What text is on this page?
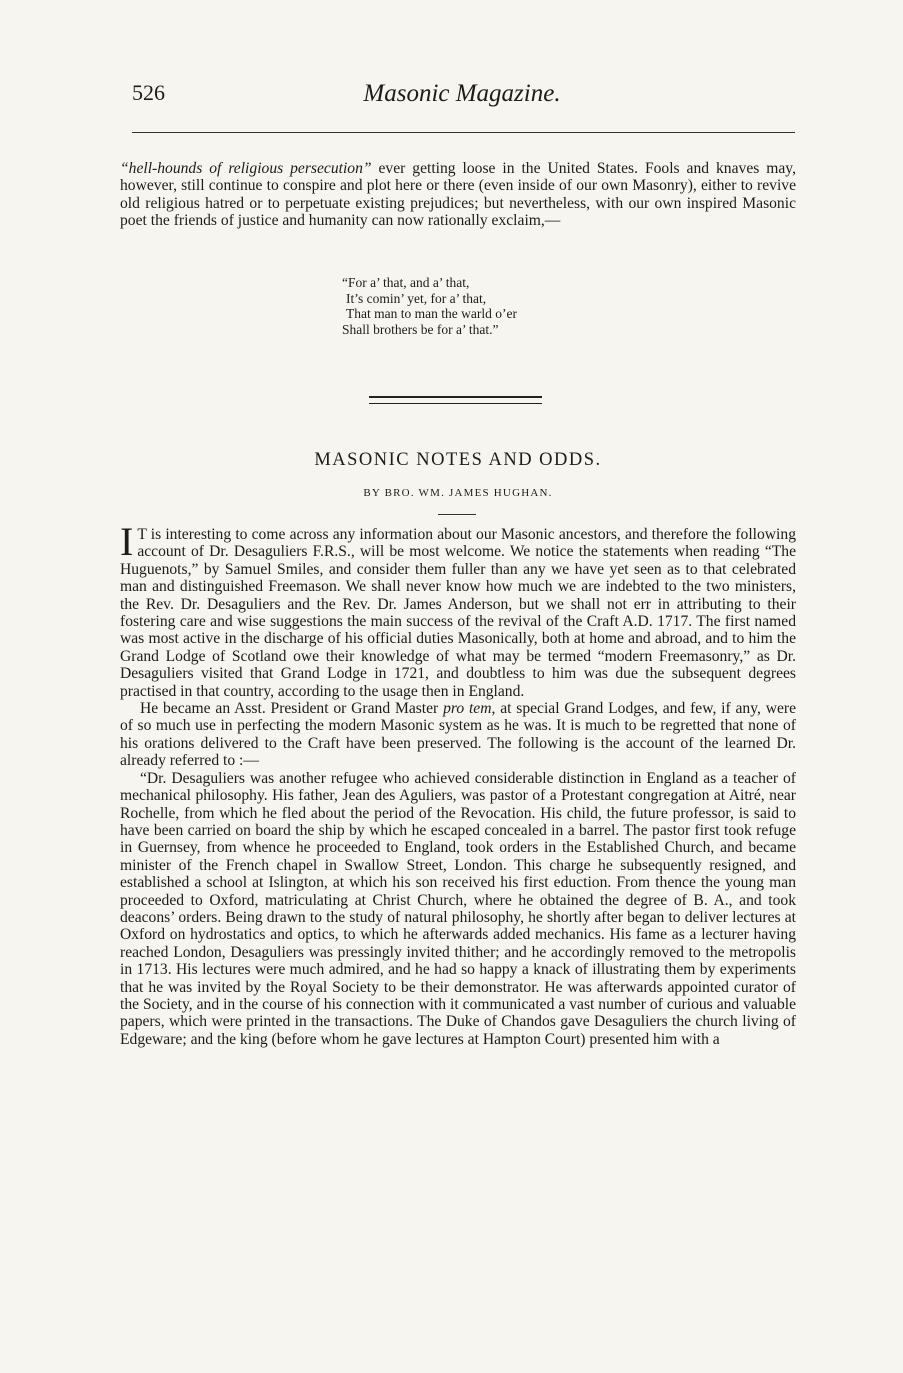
526	Masonic Magazine.

“hell-hounds of religious persecution” ever getting loose in the United States. Fools and knaves may, however, still continue to conspire and plot here or there (even inside of our own Masonry), either to revive old religious hatred or to perpetuate existing prejudices; but nevertheless, with our own inspired Masonic poet the friends of justice and humanity can now rationally exclaim,—

“For a’ that, and a’ that,
It’s comin’ yet, for a’ that,
That man to man the warld o’er
Shall brothers be for a’ that.”
MASONIC NOTES AND ODDS.
BY BRO. WM. JAMES HUGHAN.

I T is interesting to come across any information about our Masonic ancestors, and therefore the following account of Dr. Desaguliers F.R.S., will be most welcome. We notice the statements when reading “The Huguenots,” by Samuel Smiles, and consider them fuller than any we have yet seen as to that celebrated man and distinguished Freemason. We shall never know how much we are indebted to the two ministers, the Rev. Dr. Desaguliers and the Rev. Dr. James Anderson, but we shall not err in attributing to their fostering care and wise suggestions the main success of the revival of the Craft A.D. 1717. The first named was most active in the discharge of his official duties Masonically, both at home and abroad, and to him the Grand Lodge of Scotland owe their knowledge of what may be termed “modern Freemasonry,” as Dr. Desaguliers visited that Grand Lodge in 1721, and doubtless to him was due the subsequent degrees practised in that country, according to the usage then in England.

He became an Asst. President or Grand Master pro tem, at special Grand Lodges, and few, if any, were of so much use in perfecting the modern Masonic system as he was. It is much to be regretted that none of his orations delivered to the Craft have been preserved. The following is the account of the learned Dr. already referred to :—

“Dr. Desaguliers was another refugee who achieved considerable distinction in England as a teacher of mechanical philosophy. His father, Jean des Aguliers, was pastor of a Protestant congregation at Aitré, near Rochelle, from which he fled about the period of the Revocation. His child, the future professor, is said to have been carried on board the ship by which he escaped concealed in a barrel. The pastor first took refuge in Guernsey, from whence he proceeded to England, took orders in the Established Church, and became minister of the French chapel in Swallow Street, London. This charge he subsequently resigned, and established a school at Islington, at which his son received his first eduction. From thence the young man proceeded to Oxford, matriculating at Christ Church, where he obtained the degree of B. A., and took deacons’ orders. Being drawn to the study of natural philosophy, he shortly after began to deliver lectures at Oxford on hydrostatics and optics, to which he afterwards added mechanics. His fame as a lecturer having reached London, Desaguliers was pressingly invited thither; and he accordingly removed to the metropolis in 1713. His lectures were much admired, and he had so happy a knack of illustrating them by experiments that he was invited by the Royal Society to be their demonstrator. He was afterwards appointed curator of the Society, and in the course of his connection with it communicated a vast number of curious and valuable papers, which were printed in the transactions. The Duke of Chandos gave Desaguliers the church living of Edgeware; and the king (before whom he gave lectures at Hampton Court) presented him with a
